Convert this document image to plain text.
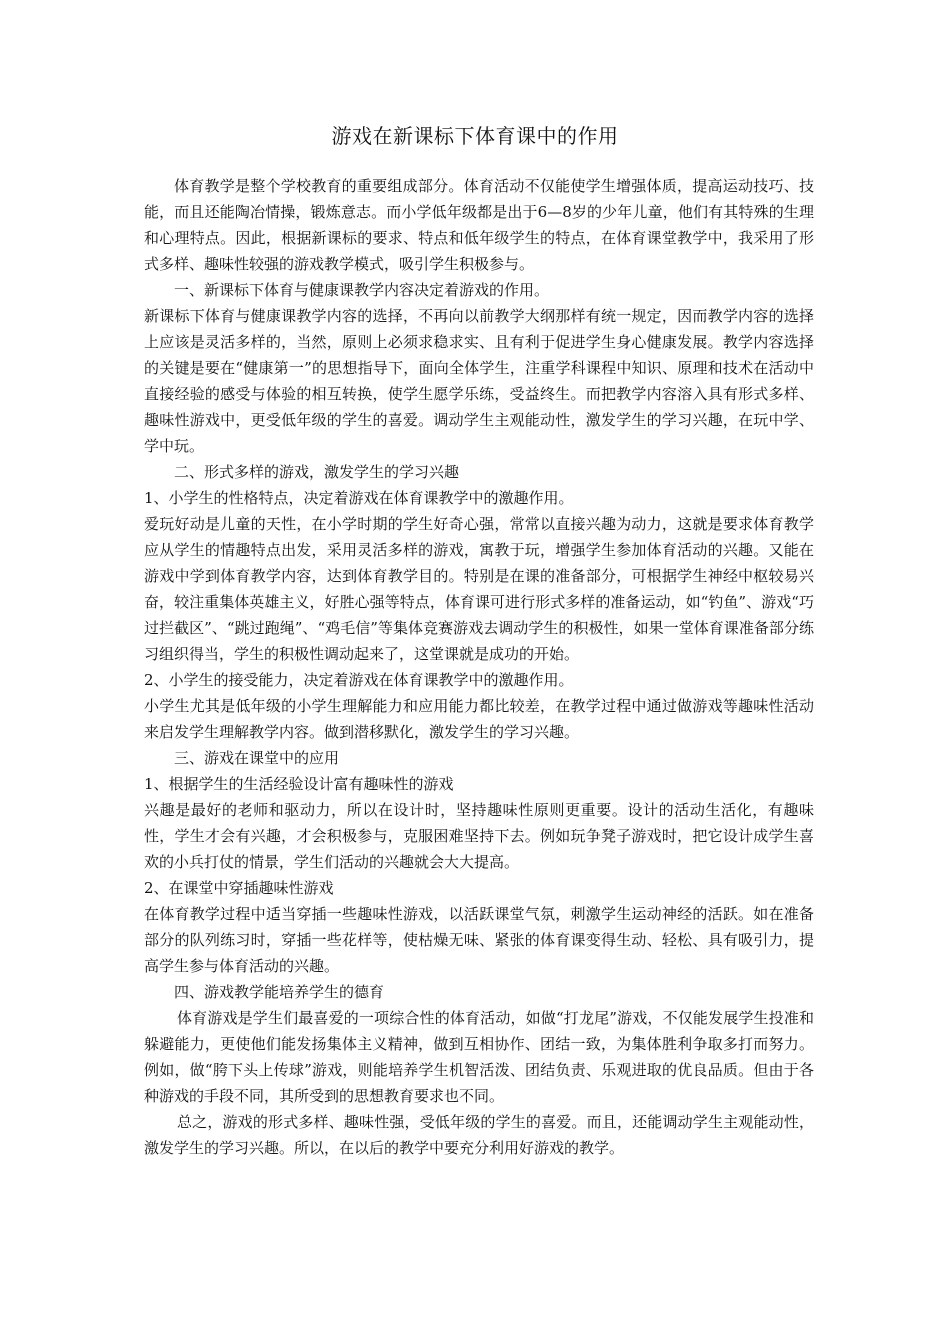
游戏在新课标下体育课中的作用

体育教学是整个学校教育的重要组成部分。体育活动不仅能使学生增强体质，提高运动技巧、技能，而且还能陶冶情操，锻炼意志。而小学低年级都是出于6—8岁的少年儿童，他们有其特殊的生理和心理特点。因此，根据新课标的要求、特点和低年级学生的特点，在体育课堂教学中，我采用了形式多样、趣味性较强的游戏教学模式，吸引学生积极参与。

一、新课标下体育与健康课教学内容决定着游戏的作用。

新课标下体育与健康课教学内容的选择，不再向以前教学大纲那样有统一规定，因而教学内容的选择上应该是灵活多样的，当然，原则上必须求稳求实、且有利于促进学生身心健康发展。教学内容选择的关键是要在“健康第一”的思想指导下，面向全体学生，注重学科课程中知识、原理和技术在活动中直接经验的感受与体验的相互转换，使学生愿学乐练，受益终生。而把教学内容溶入具有形式多样、趣味性游戏中，更受低年级的学生的喜爱。调动学生主观能动性，激发学生的学习兴趣，在玩中学、学中玩。

二、形式多样的游戏，激发学生的学习兴趣

1、小学生的性格特点，决定着游戏在体育课教学中的激趣作用。

爱玩好动是儿童的天性，在小学时期的学生好奇心强，常常以直接兴趣为动力，这就是要求体育教学应从学生的情趣特点出发，采用灵活多样的游戏，寓教于玩，增强学生参加体育活动的兴趣。又能在游戏中学到体育教学内容，达到体育教学目的。特别是在课的准备部分，可根据学生神经中枢较易兴奋，较注重集体英雄主义，好胜心强等特点，体育课可进行形式多样的准备运动，如“钓鱼”、游戏“巧过拦截区”、“跳过跑绳”、“鸡毛信”等集体竞赛游戏去调动学生的积极性，如果一堂体育课准备部分练习组织得当，学生的积极性调动起来了，这堂课就是成功的开始。

2、小学生的接受能力，决定着游戏在体育课教学中的激趣作用。

小学生尤其是低年级的小学生理解能力和应用能力都比较差，在教学过程中通过做游戏等趣味性活动来启发学生理解教学内容。做到潜移默化，激发学生的学习兴趣。

三、游戏在课堂中的应用

1、根据学生的生活经验设计富有趣味性的游戏

兴趣是最好的老师和驱动力，所以在设计时，坚持趣味性原则更重要。设计的活动生活化，有趣味性，学生才会有兴趣，才会积极参与，克服困难坚持下去。例如玩争凳子游戏时，把它设计成学生喜欢的小兵打仗的情景，学生们活动的兴趣就会大大提高。

2、在课堂中穿插趣味性游戏

在体育教学过程中适当穿插一些趣味性游戏，以活跃课堂气氛，刺激学生运动神经的活跃。如在准备部分的队列练习时，穿插一些花样等，使枯燥无味、紧张的体育课变得生动、轻松、具有吸引力，提高学生参与体育活动的兴趣。

四、游戏教学能培养学生的德育

体育游戏是学生们最喜爱的一项综合性的体育活动，如做“打龙尾”游戏，不仅能发展学生投准和躲避能力，更使他们能发扬集体主义精神，做到互相协作、团结一致，为集体胜利争取多打而努力。例如，做“胯下头上传球”游戏，则能培养学生机智活泼、团结负责、乐观进取的优良品质。但由于各种游戏的手段不同，其所受到的思想教育要求也不同。

总之，游戏的形式多样、趣味性强，受低年级的学生的喜爱。而且，还能调动学生主观能动性，激发学生的学习兴趣。所以，在以后的教学中要充分利用好游戏的教学。
